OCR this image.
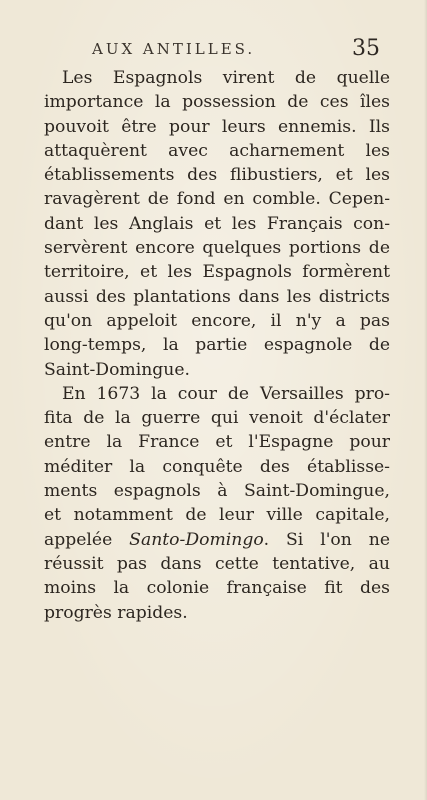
AUX ANTILLES.	35
Les Espagnols virent de quelle
importance la possession de ces îles
pouvoit être pour leurs ennemis. Ils
attaquèrent avec acharnement les
établissements des flibustiers, et les
ravagèrent de fond en comble. Cepen-
dant les Anglais et les Français con-
servèrent encore quelques portions de
territoire, et les Espagnols formèrent
aussi des plantations dans les districts
qu'on appeloit encore, il n'y a pas
long-temps, la partie espagnole de
Saint-Domingue.
En 1673 la cour de Versailles pro-
fita de la guerre qui venoit d'éclater
entre la France et l'Espagne pour
méditer la conquête des établisse-
ments espagnols à Saint-Domingue,
et notamment de leur ville capitale,
appelée Santo-Domingo. Si l'on ne
réussit pas dans cette tentative, au
moins la colonie française fit des
progrès rapides.
